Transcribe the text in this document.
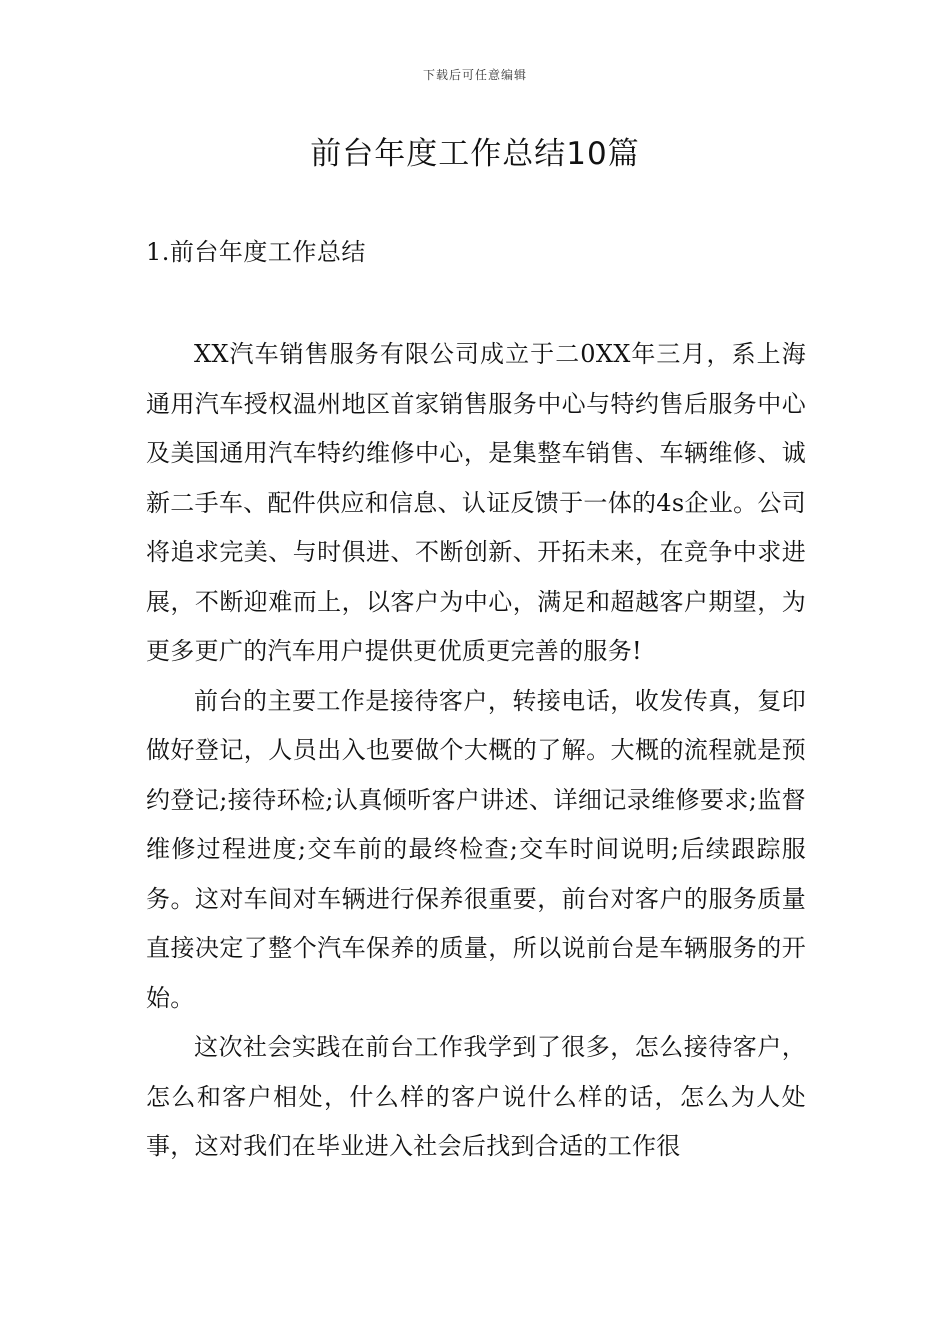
下载后可任意编辑
前台年度工作总结10篇
1.前台年度工作总结

XX汽车销售服务有限公司成立于二0XX年三月，系上海通用汽车授权温州地区首家销售服务中心与特约售后服务中心及美国通用汽车特约维修中心，是集整车销售、车辆维修、诚新二手车、配件供应和信息、认证反馈于一体的4s企业。公司将追求完美、与时俱进、不断创新、开拓未来，在竞争中求进展，不断迎难而上，以客户为中心，满足和超越客户期望，为更多更广的汽车用户提供更优质更完善的服务!

前台的主要工作是接待客户，转接电话，收发传真，复印做好登记，人员出入也要做个大概的了解。大概的流程就是预约登记;接待环检;认真倾听客户讲述、详细记录维修要求;监督维修过程进度;交车前的最终检查;交车时间说明;后续跟踪服务。这对车间对车辆进行保养很重要，前台对客户的服务质量直接决定了整个汽车保养的质量，所以说前台是车辆服务的开始。

这次社会实践在前台工作我学到了很多，怎么接待客户，怎么和客户相处，什么样的客户说什么样的话，怎么为人处事，这对我们在毕业进入社会后找到合适的工作很
